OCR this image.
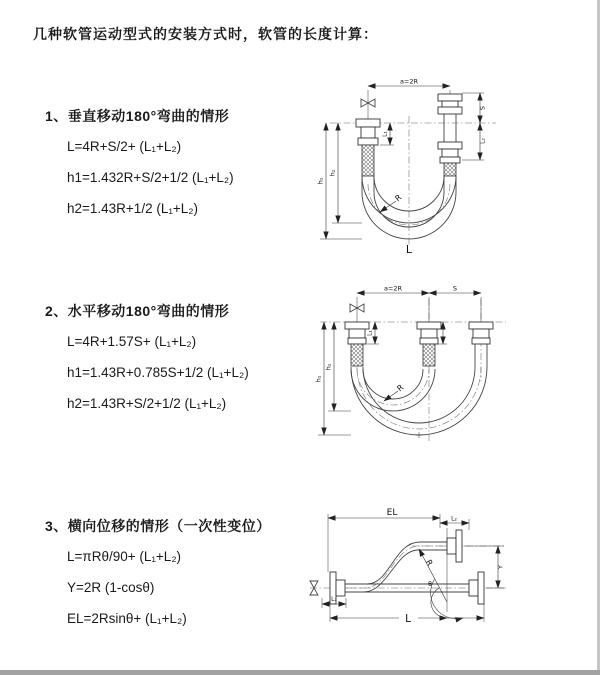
几种软管运动型式的安装方式时，软管的长度计算：
1、垂直移动180°弯曲的情形
L=4R+S/2+ (L₁+L₂)
h1=1.432R+S/2+1/2 (L₁+L₂)
h2=1.43R+1/2 (L₁+L₂)
2、水平移动180°弯曲的情形
L=4R+1.57S+ (L₁+L₂)
h1=1.43R+0.785S+1/2 (L₁+L₂)
h2=1.43R+S/2+1/2 (L₁+L₂)
3、横向位移的情形（一次性变位）
L=πRθ/90+ (L₁+L₂)
Y=2R (1-cosθ)
EL=2Rsinθ+ (L₁+L₂)
a=2R
h₁
h₂
L₁
S
L₂
R
L
a=2R	S
h₁
h₂
L₁
R
EL
L₂
Y
R
θ
L₁
L
